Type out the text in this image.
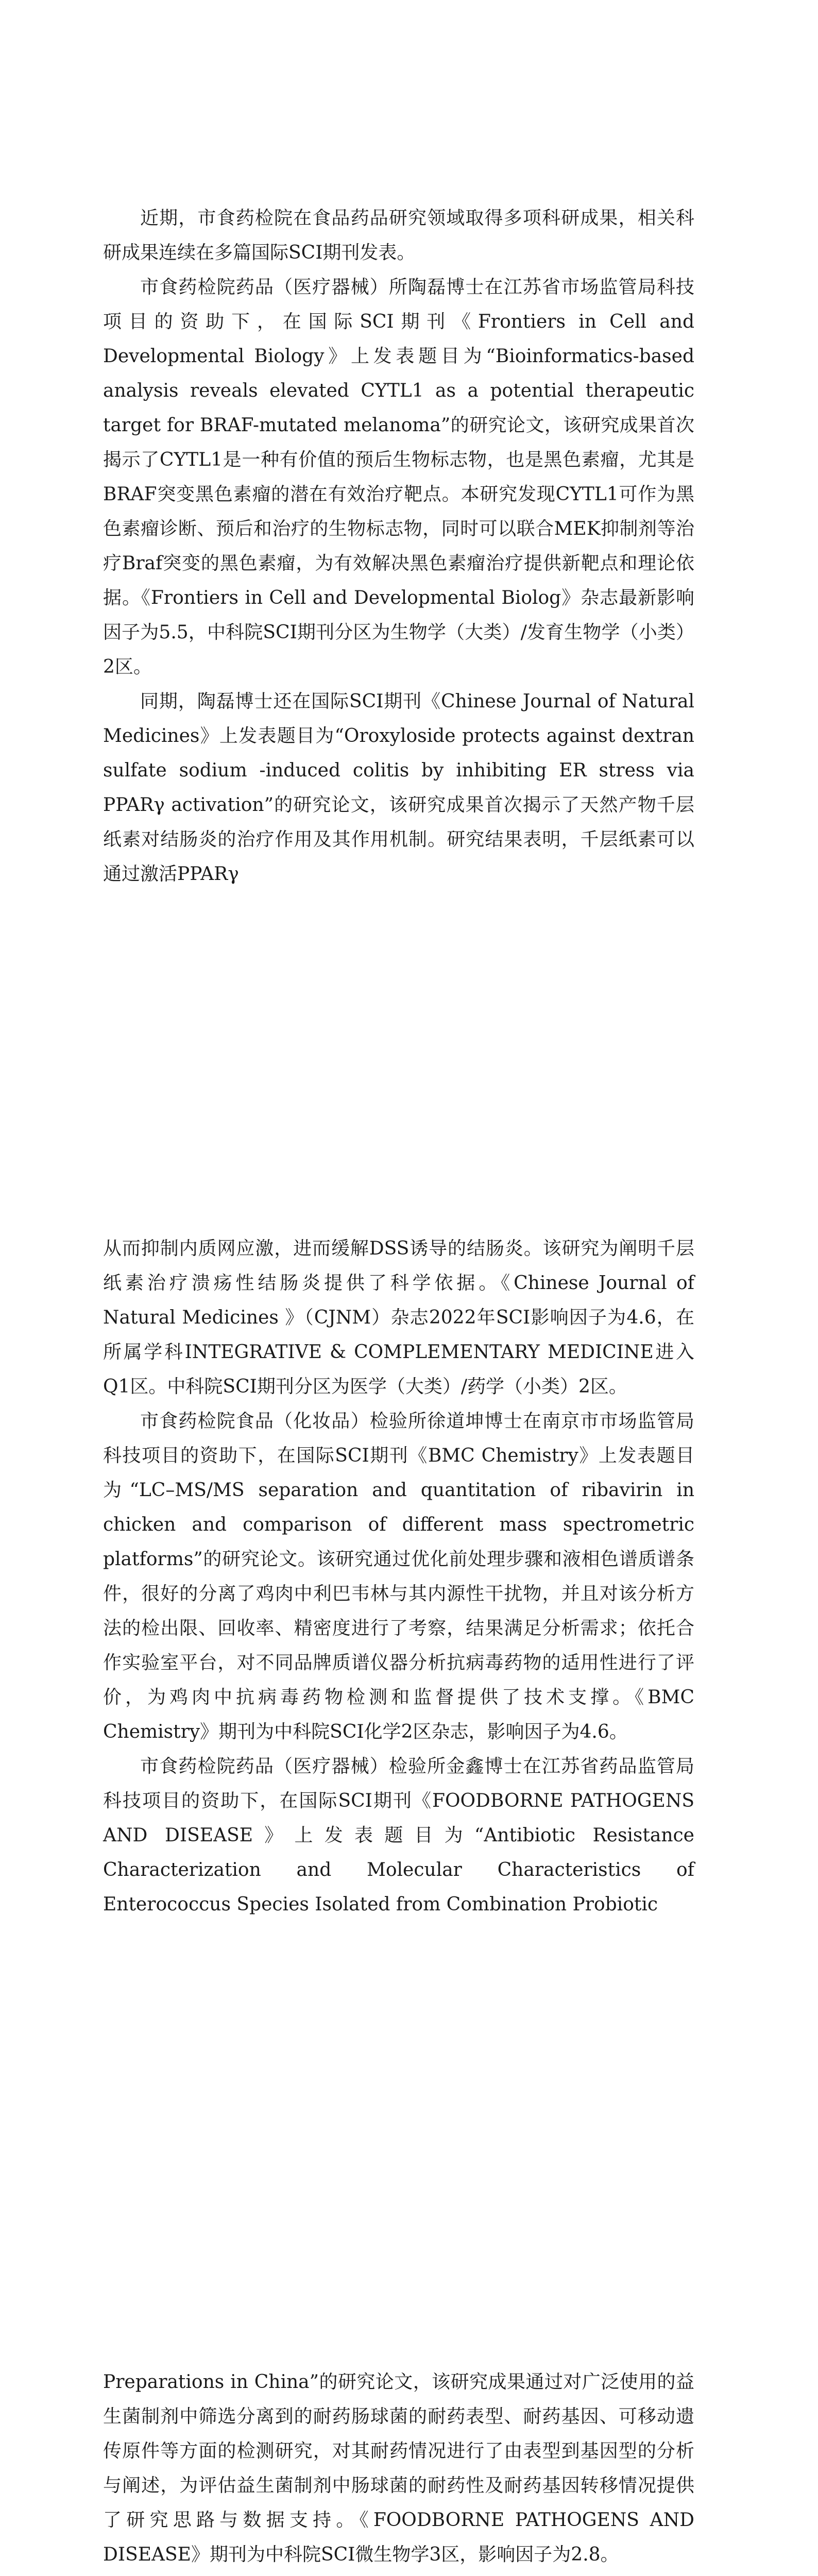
近期，市食药检院在食品药品研究领域取得多项科研成果，相关科研成果连续在多篇国际SCI期刊发表。

市食药检院药品（医疗器械）所陶磊博士在江苏省市场监管局科技项目的资助下，在国际SCI期刊《Frontiers in Cell and Developmental Biology》上发表题目为“Bioinformatics-based analysis reveals elevated CYTL1 as a potential therapeutic target for BRAF-mutated melanoma”的研究论文，该研究成果首次揭示了CYTL1是一种有价值的预后生物标志物，也是黑色素瘤，尤其是BRAF突变黑色素瘤的潜在有效治疗靶点。本研究发现CYTL1可作为黑色素瘤诊断、预后和治疗的生物标志物，同时可以联合MEK抑制剂等治疗Braf突变的黑色素瘤，为有效解决黑色素瘤治疗提供新靶点和理论依据。《Frontiers in Cell and Developmental Biolog》杂志最新影响因子为5.5，中科院SCI期刊分区为生物学（大类）/发育生物学（小类）2区。

同期，陶磊博士还在国际SCI期刊《Chinese Journal of Natural Medicines》上发表题目为“Oroxyloside protects against dextran sulfate sodium -induced colitis by inhibiting ER stress via PPARγ activation”的研究论文，该研究成果首次揭示了天然产物千层纸素对结肠炎的治疗作用及其作用机制。研究结果表明，千层纸素可以通过激活PPARγ

从而抑制内质网应激，进而缓解DSS诱导的结肠炎。该研究为阐明千层纸素治疗溃疡性结肠炎提供了科学依据。《Chinese Journal of Natural Medicines 》（CJNM）杂志2022年SCI影响因子为4.6，在所属学科INTEGRATIVE & COMPLEMENTARY MEDICINE进入Q1区。中科院SCI期刊分区为医学（大类）/药学（小类）2区。

市食药检院食品（化妆品）检验所徐道坤博士在南京市市场监管局科技项目的资助下，在国际SCI期刊《BMC Chemistry》上发表题目为“LC–MS/MS separation and quantitation of ribavirin in chicken and comparison of different mass spectrometric platforms”的研究论文。该研究通过优化前处理步骤和液相色谱质谱条件，很好的分离了鸡肉中利巴韦林与其内源性干扰物，并且对该分析方法的检出限、回收率、精密度进行了考察，结果满足分析需求；依托合作实验室平台，对不同品牌质谱仪器分析抗病毒药物的适用性进行了评价，为鸡肉中抗病毒药物检测和监督提供了技术支撑。《BMC Chemistry》期刊为中科院SCI化学2区杂志，影响因子为4.6。

市食药检院药品（医疗器械）检验所金鑫博士在江苏省药品监管局科技项目的资助下，在国际SCI期刊《FOODBORNE PATHOGENS AND DISEASE》上发表题目为“Antibiotic Resistance Characterization and Molecular Characteristics of Enterococcus Species Isolated from Combination Probiotic

Preparations in China”的研究论文，该研究成果通过对广泛使用的益生菌制剂中筛选分离到的耐药肠球菌的耐药表型、耐药基因、可移动遗传原件等方面的检测研究，对其耐药情况进行了由表型到基因型的分析与阐述，为评估益生菌制剂中肠球菌的耐药性及耐药基因转移情况提供了研究思路与数据支持。《FOODBORNE PATHOGENS AND DISEASE》期刊为中科院SCI微生物学3区，影响因子为2.8。
